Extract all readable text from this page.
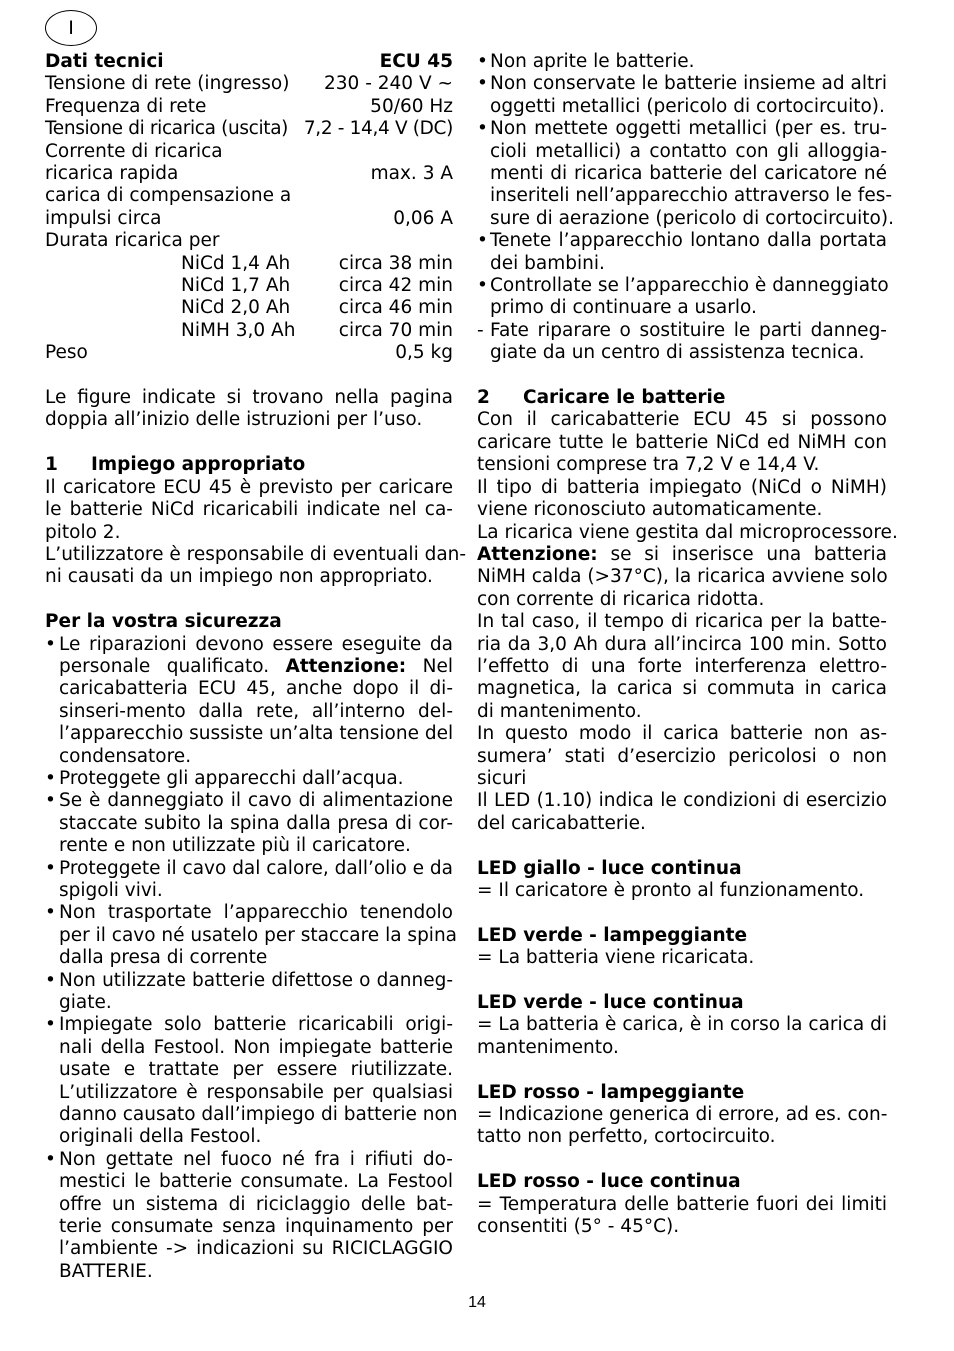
I
Dati tecnici	ECU 45
Tensione di rete (ingresso) 230 - 240 V ~
Frequenza di rete	50/60 Hz
Tensione di ricarica (uscita) 7,2 - 14,4 V (DC)
Corrente di ricarica
ricarica rapida	max. 3 A
carica di compensazione a
impulsi circa	0,06 A
Durata ricarica per
NiCd 1,4 Ah	circa 38 min
NiCd 1,7 Ah	circa 42 min
NiCd 2,0 Ah	circa 46 min
NiMH 3,0 Ah	circa 70 min
Peso	0,5 kg
Le figure indicate si trovano nella pagina
doppia all’inizio delle istruzioni per l’uso.
1 Impiego appropriato
Il caricatore ECU 45 è previsto per caricare
le batterie NiCd ricaricabili indicate nel ca-
pitolo 2.
L’utilizzatore è responsabile di eventuali dan-
ni causati da un impiego non appropriato.
Per la vostra sicurezza
• Le riparazioni devono essere eseguite da
personale qualificato. Attenzione: Nel
caricabatteria ECU 45, anche dopo il di-
sinseri-mento dalla rete, all’interno del-
l’apparecchio sussiste un’alta tensione del
condensatore.
• Proteggete gli apparecchi dall’acqua.
• Se è danneggiato il cavo di alimentazione
staccate subito la spina dalla presa di cor-
rente e non utilizzate più il caricatore.
• Proteggete il cavo dal calore, dall’olio e da
spigoli vivi.
• Non trasportate l’apparecchio tenendolo
per il cavo né usatelo per staccare la spina
dalla presa di corrente
• Non utilizzate batterie difettose o danneg-
giate.
• Impiegate solo batterie ricaricabili origi-
nali della Festool. Non impiegate batterie
usate e trattate per essere riutilizzate.
L’utilizzatore è responsabile per qualsiasi
danno causato dall’impiego di batterie non
originali della Festool.
• Non gettate nel fuoco né fra i rifiuti do-
mestici le batterie consumate. La Festool
offre un sistema di riciclaggio delle bat-
terie consumate senza inquinamento per
l’ambiente -> indicazioni su RICICLAGGIO
BATTERIE.
• Non aprite le batterie.
• Non conservate le batterie insieme ad altri
oggetti metallici (pericolo di cortocircuito).
• Non mettete oggetti metallici (per es. tru-
cioli metallici) a contatto con gli alloggia-
menti di ricarica batterie del caricatore né
inseriteli nell’apparecchio attraverso le fes-
sure di aerazione (pericolo di cortocircuito).
• Tenete l’apparecchio lontano dalla portata
dei bambini.
• Controllate se l’apparecchio è danneggiato
primo di continuare a usarlo.
- Fate riparare o sostituire le parti danneg-
giate da un centro di assistenza tecnica.
2 Caricare le batterie
Con il caricabatterie ECU 45 si possono
caricare tutte le batterie NiCd ed NiMH con
tensioni comprese tra 7,2 V e 14,4 V.
Il tipo di batteria impiegato (NiCd o NiMH)
viene riconosciuto automaticamente.
La ricarica viene gestita dal microprocessore.
Attenzione: se si inserisce una batteria
NiMH calda (>37°C), la ricarica avviene solo
con corrente di ricarica ridotta.
In tal caso, il tempo di ricarica per la batte-
ria da 3,0 Ah dura all’incirca 100 min. Sotto
l’effetto di una forte interferenza elettro-
magnetica, la carica si commuta in carica
di mantenimento.
In questo modo il carica batterie non as-
sumera’ stati d’esercizio pericolosi o non
sicuri
Il LED (1.10) indica le condizioni di esercizio
del caricabatterie.
LED giallo - luce continua
= Il caricatore è pronto al funzionamento.
LED verde - lampeggiante
= La batteria viene ricaricata.
LED verde - luce continua
= La batteria è carica, è in corso la carica di
mantenimento.
LED rosso - lampeggiante
= Indicazione generica di errore, ad es. con-
tatto non perfetto, cortocircuito.
LED rosso - luce continua
= Temperatura delle batterie fuori dei limiti
consentiti (5° - 45°C).
14
